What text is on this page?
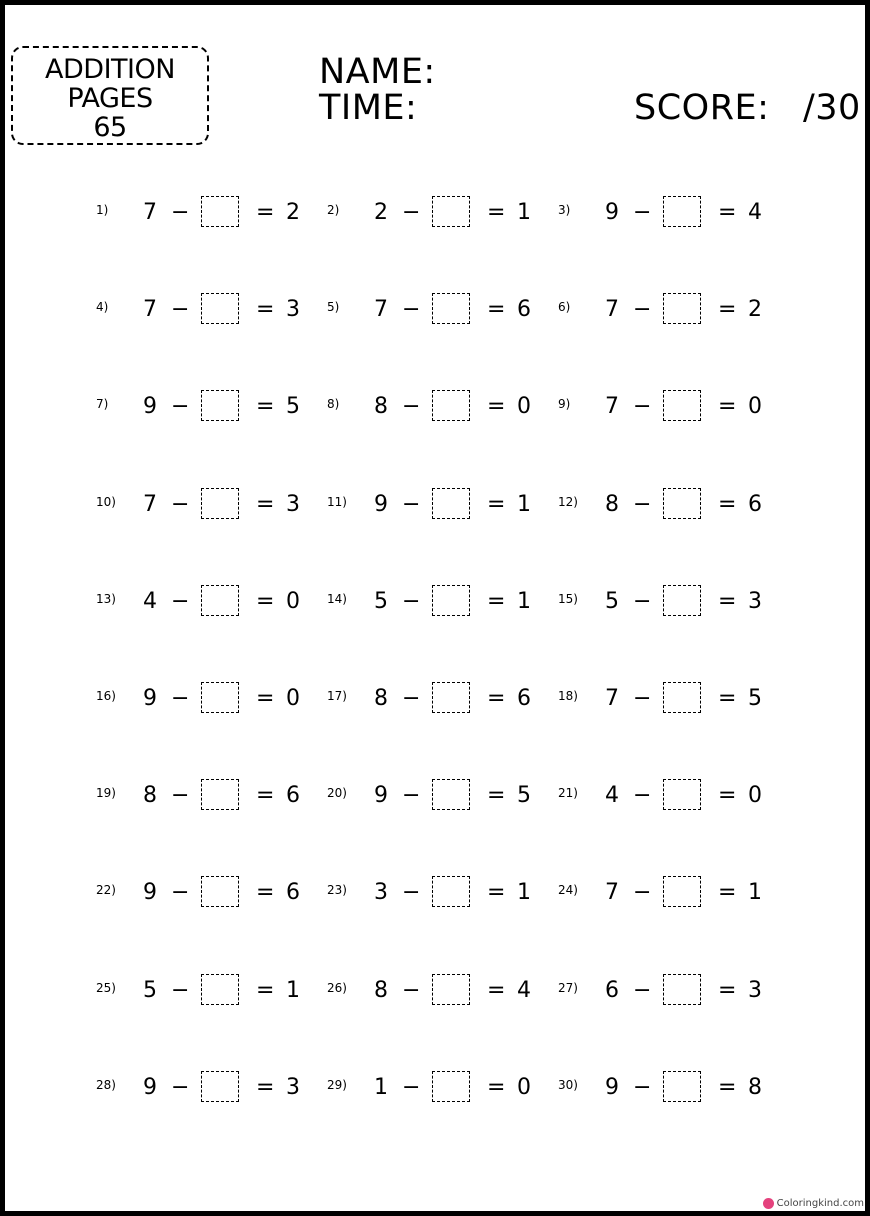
ADDITION
PAGES
65
NAME:
TIME:	SCORE: /30
1) 7 −	= 2 2) 2 −	= 1 3) 9 −	= 4
4) 7 −	= 3 5) 7 −	= 6 6) 7 −	= 2
7) 9 −	= 5 8) 8 −	= 0 9) 7 −	= 0
10) 7 −	= 3 11) 9 −	= 1 12) 8 −	= 6
13) 4 −	= 0 14) 5 −	= 1 15) 5 −	= 3
16) 9 −	= 0 17) 8 −	= 6 18) 7 −	= 5
19) 8 −	= 6 20) 9 −	= 5 21) 4 −	= 0
22) 9 −	= 6 23) 3 −	= 1 24) 7 −	= 1
25) 5 −	= 1 26) 8 −	= 4 27) 6 −	= 3
28) 9 −	= 3 29) 1 −	= 0 30) 9 −	= 8
Coloringkind.com
